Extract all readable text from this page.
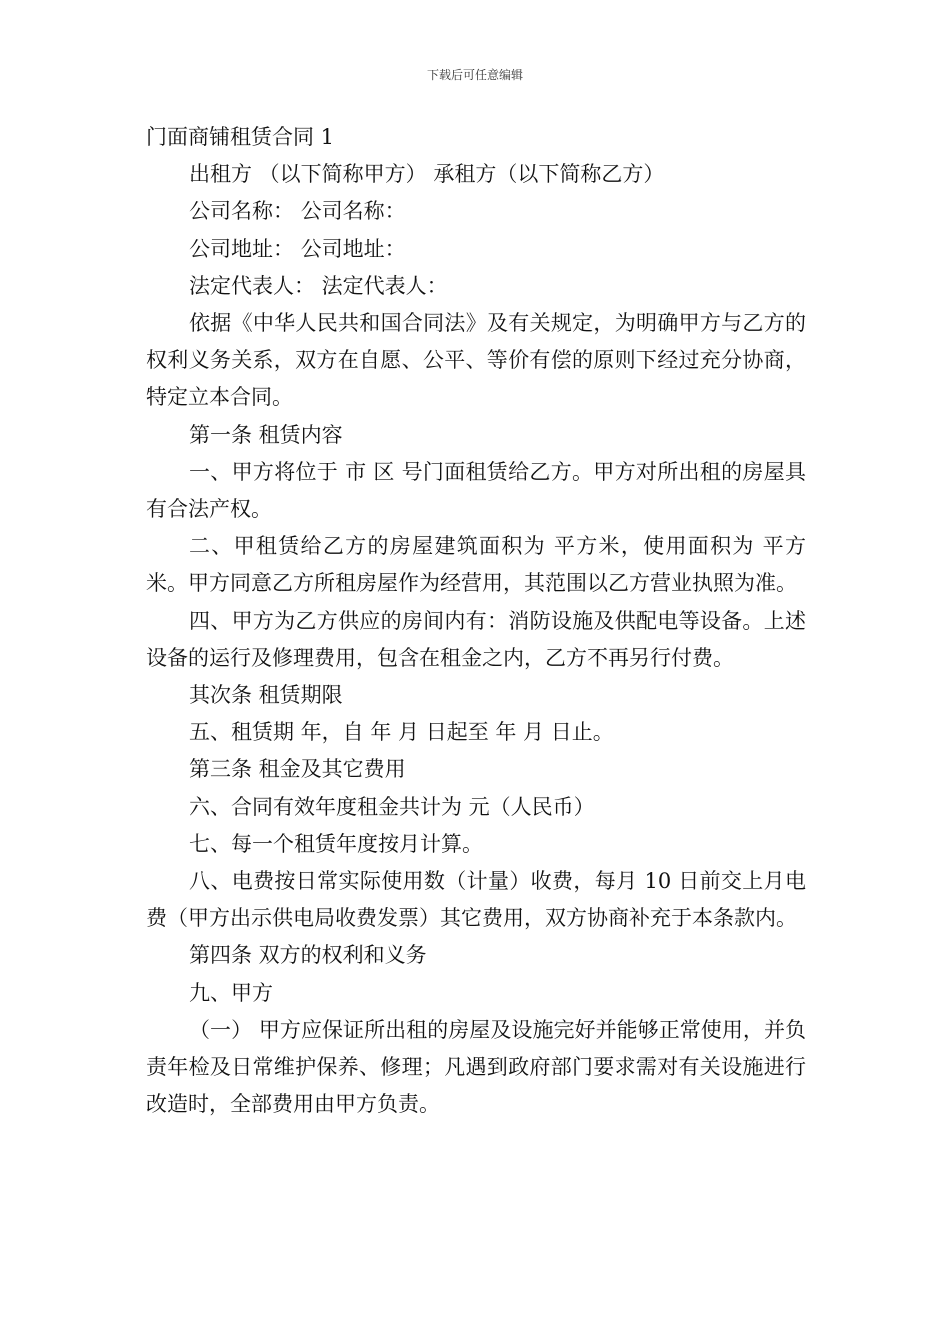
下载后可任意编辑

门面商铺租赁合同 1

出租方 （以下简称甲方） 承租方（以下简称乙方）

公司名称： 公司名称：

公司地址： 公司地址：

法定代表人： 法定代表人：

依据《中华人民共和国合同法》及有关规定，为明确甲方与乙方的权利义务关系，双方在自愿、公平、等价有偿的原则下经过充分协商，特定立本合同。

第一条 租赁内容

一、甲方将位于 市 区 号门面租赁给乙方。甲方对所出租的房屋具有合法产权。

二、甲租赁给乙方的房屋建筑面积为 平方米，使用面积为 平方米。甲方同意乙方所租房屋作为经营用，其范围以乙方营业执照为准。

四、甲方为乙方供应的房间内有：消防设施及供配电等设备。上述设备的运行及修理费用，包含在租金之内，乙方不再另行付费。

其次条 租赁期限

五、租赁期 年，自 年 月 日起至 年 月 日止。

第三条 租金及其它费用

六、合同有效年度租金共计为 元（人民币）

七、每一个租赁年度按月计算。

八、电费按日常实际使用数（计量）收费，每月 10 日前交上月电费（甲方出示供电局收费发票）其它费用，双方协商补充于本条款内。

第四条 双方的权利和义务

九、甲方

（一） 甲方应保证所出租的房屋及设施完好并能够正常使用，并负责年检及日常维护保养、修理；凡遇到政府部门要求需对有关设施进行改造时，全部费用由甲方负责。
